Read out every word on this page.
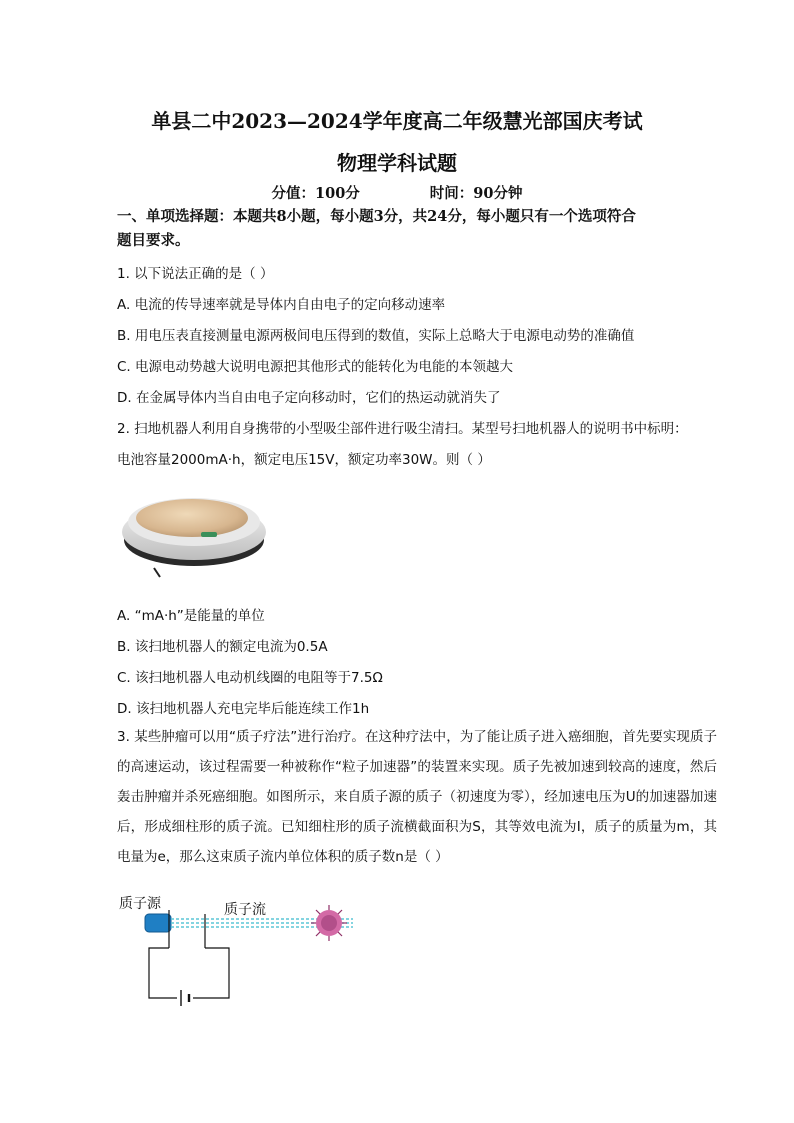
单县二中2023—2024学年度高二年级慧光部国庆考试
物理学科试题
分值：100分	时间：90分钟
一、单项选择题：本题共8小题，每小题3分，共24分，每小题只有一个选项符合
题目要求。
1. 以下说法正确的是（ ）
A. 电流的传导速率就是导体内自由电子的定向移动速率
B. 用电压表直接测量电源两极间电压得到的数值，实际上总略大于电源电动势的准确值
C. 电源电动势越大说明电源把其他形式的能转化为电能的本领越大
D. 在金属导体内当自由电子定向移动时，它们的热运动就消失了
2. 扫地机器人利用自身携带的小型吸尘部件进行吸尘清扫。某型号扫地机器人的说明书中标明：
电池容量2000mA·h，额定电压15V，额定功率30W。则（ ）
A. “mA·h”是能量的单位
B. 该扫地机器人的额定电流为0.5A
C. 该扫地机器人电动机线圈的电阻等于7.5Ω
D. 该扫地机器人充电完毕后能连续工作1h
3. 某些肿瘤可以用“质子疗法”进行治疗。在这种疗法中，为了能让质子进入癌细胞，首先要实现质子的高速运动，该过程需要一种被称作“粒子加速器”的装置来实现。质子先被加速到较高的速度，然后轰击肿瘤并杀死癌细胞。如图所示，来自质子源的质子（初速度为零），经加速电压为U的加速器加速后，形成细柱形的质子流。已知细柱形的质子流横截面积为S，其等效电流为I，质子的质量为m，其电量为e，那么这束质子流内单位体积的质子数n是（ ）
质子源	质子流
